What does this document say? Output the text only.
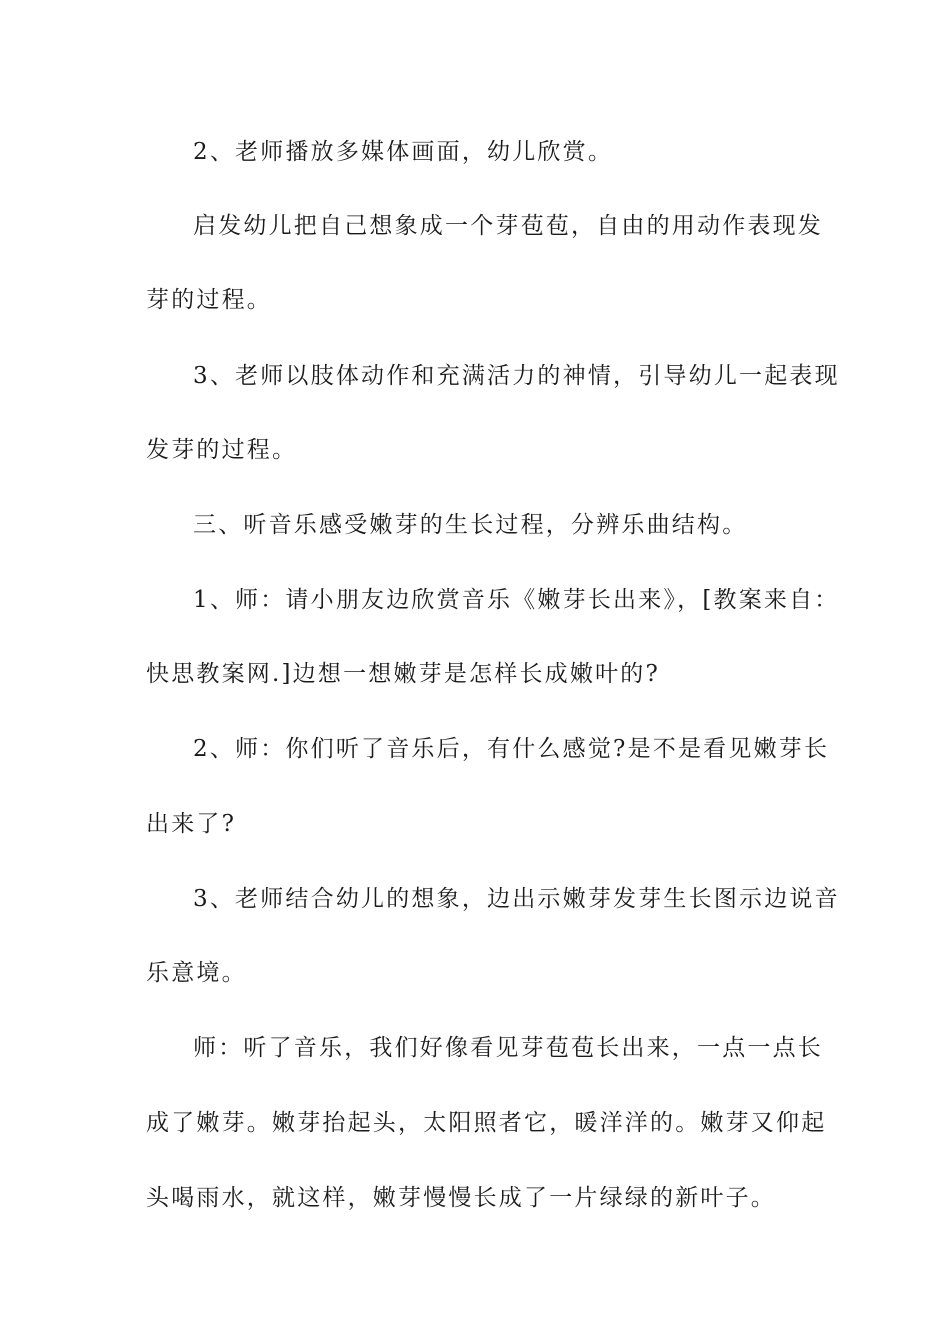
2、老师播放多媒体画面，幼儿欣赏。
启发幼儿把自己想象成一个芽苞苞，自由的用动作表现发
芽的过程。
3、老师以肢体动作和充满活力的神情，引导幼儿一起表现
发芽的过程。
三、听音乐感受嫩芽的生长过程，分辨乐曲结构。
1、师：请小朋友边欣赏音乐《嫩芽长出来》，[教案来自：
快思教案网.]边想一想嫩芽是怎样长成嫩叶的?
2、师：你们听了音乐后，有什么感觉?是不是看见嫩芽长
出来了?
3、老师结合幼儿的想象，边出示嫩芽发芽生长图示边说音
乐意境。
师：听了音乐，我们好像看见芽苞苞长出来，一点一点长
成了嫩芽。嫩芽抬起头，太阳照者它，暖洋洋的。嫩芽又仰起
头喝雨水，就这样，嫩芽慢慢长成了一片绿绿的新叶子。
